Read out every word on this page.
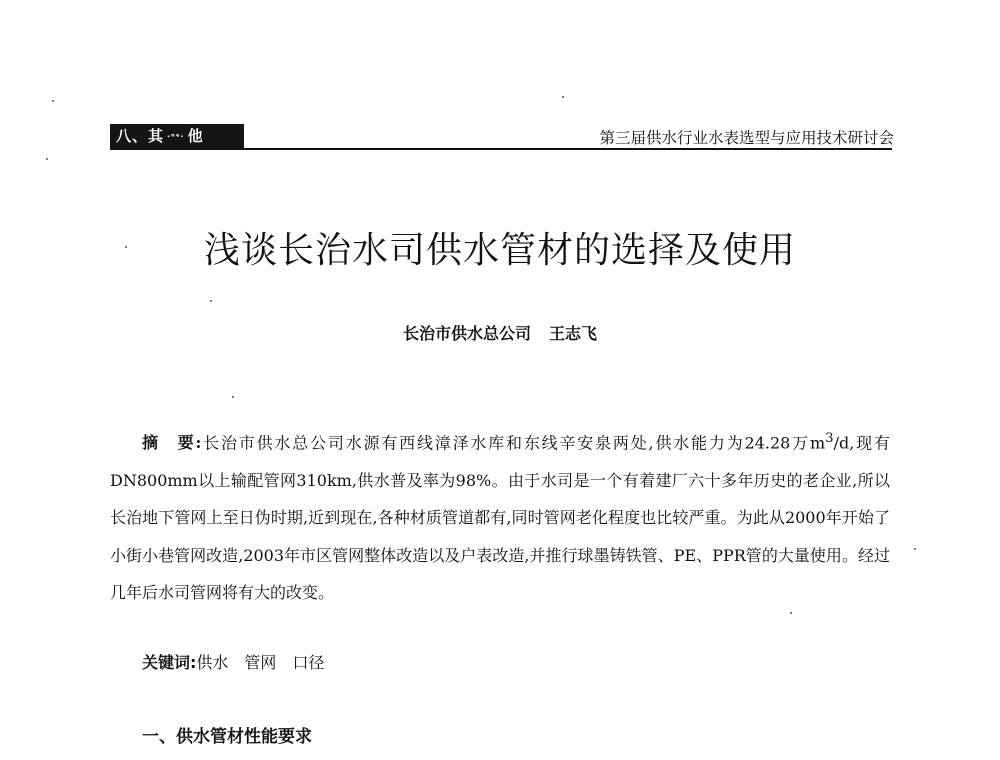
八、其 ·ⁿᵉ· 他	第三届供水行业水表选型与应用技术研讨会
浅谈长治水司供水管材的选择及使用
长治市供水总公司 王志飞
摘　要:长治市供水总公司水源有西线漳泽水库和东线辛安泉两处,供水能力为24.28万$m^3/d$,现有DN800mm以上输配管网310km,供水普及率为98%。由于水司是一个有着建厂六十多年历史的老企业,所以长治地下管网上至日伪时期,近到现在,各种材质管道都有,同时管网老化程度也比较严重。为此从2000年开始了小街小巷管网改造,2003年市区管网整体改造以及户表改造,并推行球墨铸铁管、PE、PPR管的大量使用。经过几年后水司管网将有大的改变。
关键词:供水 管网 口径
一、供水管材性能要求
